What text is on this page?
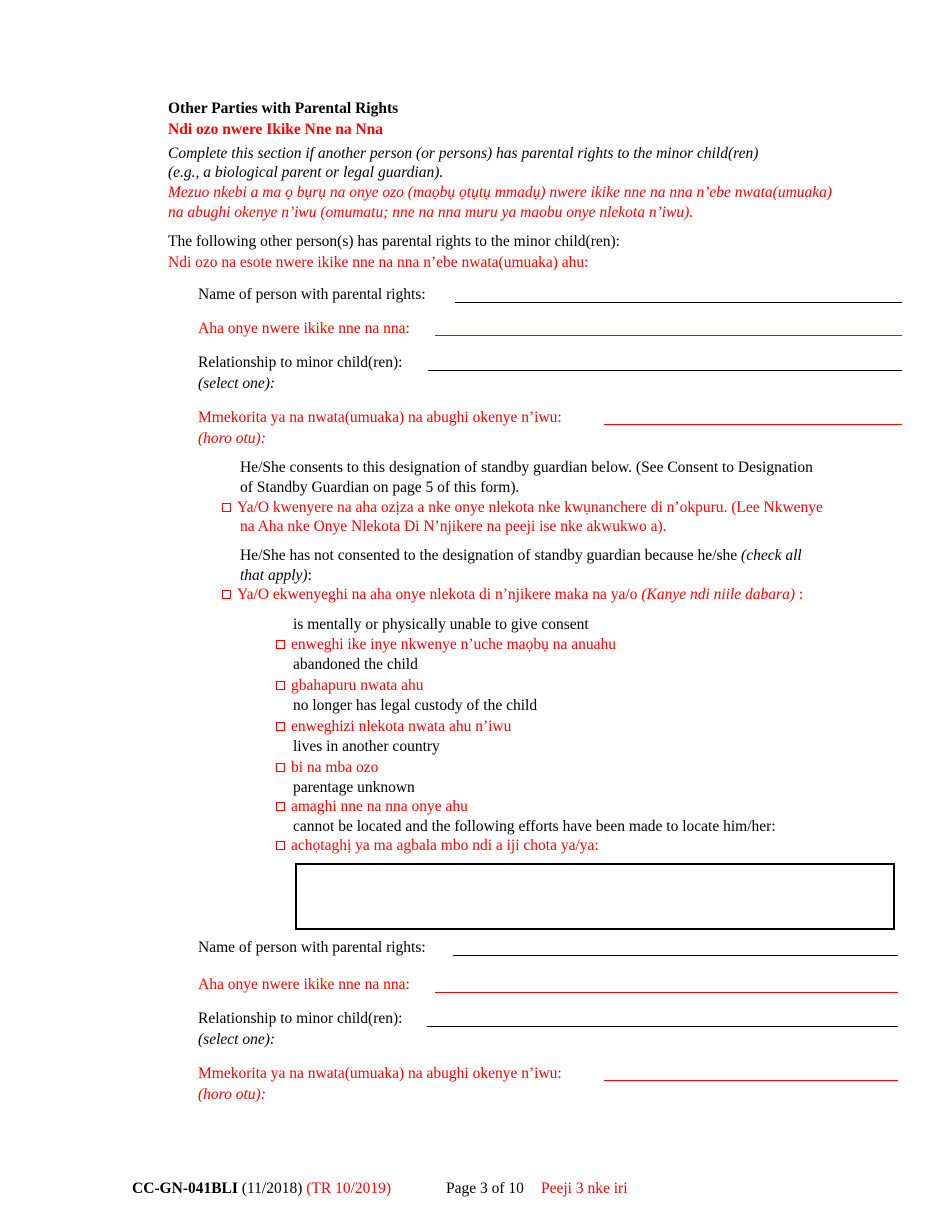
Other Parties with Parental Rights
Ndi ozo nwere Ikike Nne na Nna
Complete this section if another person (or persons) has parental rights to the minor child(ren)
(e.g., a biological parent or legal guardian).
Mezuo nkebi a ma ọ bụrụ na onye ozo (maọbụ ọtụtụ mmadụ) nwere ikike nne na nna n’ebe nwata(umuaka)
na abughi okenye n’iwu (omumatu; nne na nna muru ya maobu onye nlekota n’iwu).
The following other person(s) has parental rights to the minor child(ren):
Ndi ozo na esote nwere ikike nne na nna n’ebe nwata(umuaka) ahu:
Name of person with parental rights:
Aha onye nwere ikike nne na nna:
Relationship to minor child(ren):
(select one):
Mmekorita ya na nwata(umuaka) na abughi okenye n’iwu:
(horo otu):
He/She consents to this designation of standby guardian below. (See Consent to Designation
of Standby Guardian on page 5 of this form).
Ya/O kwenyere na aha ozịza a nke onye nlekota nke kwụnanchere di n’okpuru. (Lee Nkwenye
na Aha nke Onye Nlekota Di N’njikere na peeji ise nke akwukwo a).
He/She has not consented to the designation of standby guardian because he/she (check all
that apply):
Ya/O ekwenyeghi na aha onye nlekota di n’njikere maka na ya/o (Kanye ndi niile dabara) :
is mentally or physically unable to give consent
enweghi ike inye nkwenye n’uche maọbụ na anuahu
abandoned the child
gbahapuru nwata ahu
no longer has legal custody of the child
enweghizi nlekota nwata ahu n’iwu
lives in another country
bi na mba ozo
parentage unknown
amaghi nne na nna onye ahu
cannot be located and the following efforts have been made to locate him/her:
achọtaghị ya ma agbala mbo ndi a iji chota ya/ya:
Name of person with parental rights:
Aha onye nwere ikike nne na nna:
Relationship to minor child(ren):
(select one):
Mmekorita ya na nwata(umuaka) na abughi okenye n’iwu:
(horo otu):
CC-GN-041BLI (11/2018) (TR 10/2019)	Page 3 of 10 Peeji 3 nke iri
